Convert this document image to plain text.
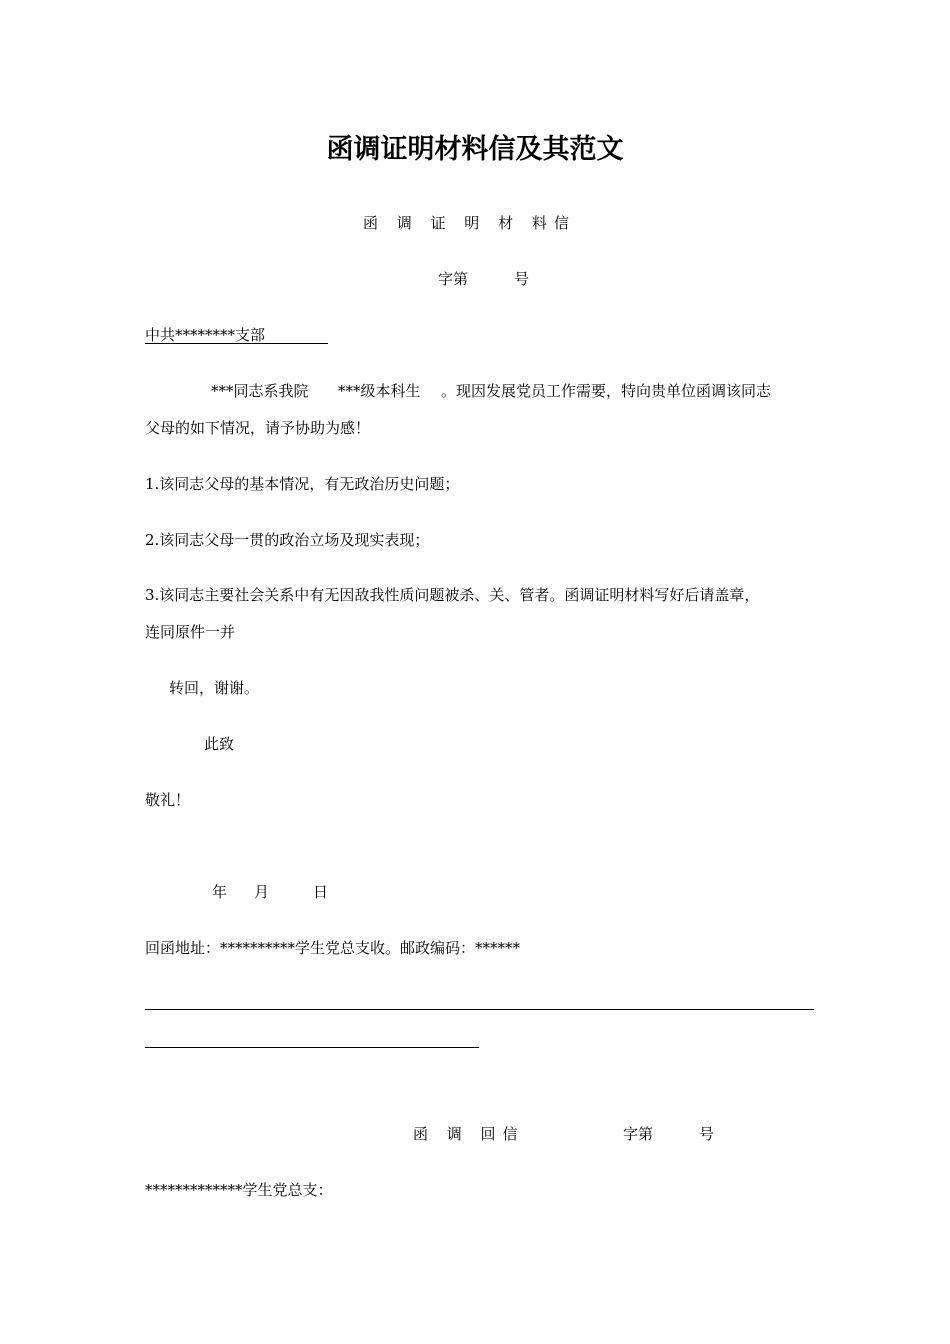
函调证明材料信及其范文
函 调 证 明 材 料信
字第	号
中共********支部
***同志系我院 ***级本科生 。现因发展党员工作需要，特向贵单位函调该同志
父母的如下情况，请予协助为感！
1.该同志父母的基本情况，有无政治历史问题；
2.该同志父母一贯的政治立场及现实表现；
3.该同志主要社会关系中有无因敌我性质问题被杀、关、管者。函调证明材料写好后请盖章，
连同原件一并
转回，谢谢。
此致
敬礼！
年 月	日
回函地址：**********学生党总支收。邮政编码：******
函 调 回信	字第	号
*************学生党总支：
